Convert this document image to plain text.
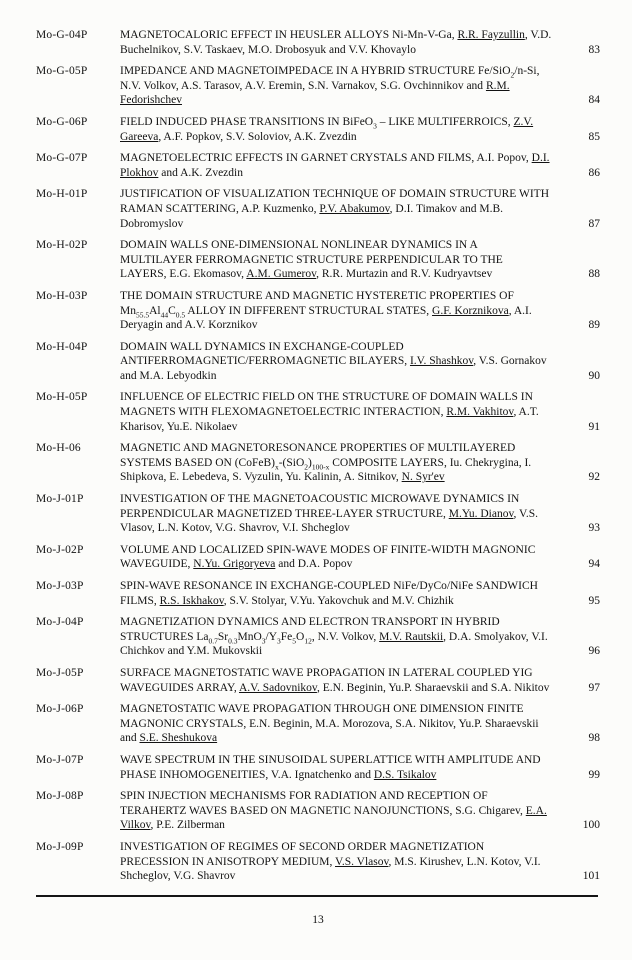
Mo-G-04P	MAGNETOCALORIC EFFECT IN HEUSLER ALLOYS Ni-Mn-V-Ga, R.R. Fayzullin, V.D. Buchelnikov, S.V. Taskaev, M.O. Drobosyuk and V.V. Khovaylo	83
Mo-G-05P	IMPEDANCE AND MAGNETOIMPEDACE IN A HYBRID STRUCTURE Fe/SiO$_2$/n-Si, N.V. Volkov, A.S. Tarasov, A.V. Eremin, S.N. Varnakov, S.G. Ovchinnikov and R.M. Fedorishchev	84
Mo-G-06P	FIELD INDUCED PHASE TRANSITIONS IN BiFeO$_3$ – LIKE MULTIFERROICS, Z.V. Gareeva, A.F. Popkov, S.V. Soloviov, A.K. Zvezdin	85
Mo-G-07P	MAGNETOELECTRIC EFFECTS IN GARNET CRYSTALS AND FILMS, A.I. Popov, D.I. Plokhov and A.K. Zvezdin	86
Mo-H-01P	JUSTIFICATION OF VISUALIZATION TECHNIQUE OF DOMAIN STRUCTURE WITH RAMAN SCATTERING, A.P. Kuzmenko, P.V. Abakumov, D.I. Timakov and M.B. Dobromyslov	87
Mo-H-02P	DOMAIN WALLS ONE-DIMENSIONAL NONLINEAR DYNAMICS IN A MULTILAYER FERROMAGNETIC STRUCTURE PERPENDICULAR TO THE LAYERS, E.G. Ekomasov, A.M. Gumerov, R.R. Murtazin and R.V. Kudryavtsev	88
Mo-H-03P	THE DOMAIN STRUCTURE AND MAGNETIC HYSTERETIC PROPERTIES OF $Mn_{55.5}Al_{44}C_{0.5}$ ALLOY IN DIFFERENT STRUCTURAL STATES, G.F. Korznikova, A.I. Deryagin and A.V. Korznikov	89
Mo-H-04P	DOMAIN WALL DYNAMICS IN EXCHANGE-COUPLED ANTIFERROMAGNETIC/FERROMAGNETIC BILAYERS, I.V. Shashkov, V.S. Gornakov and M.A. Lebyodkin	90
Mo-H-05P	INFLUENCE OF ELECTRIC FIELD ON THE STRUCTURE OF DOMAIN WALLS IN MAGNETS WITH FLEXOMAGNETOELECTRIC INTERACTION, R.M. Vakhitov, A.T. Kharisov, Yu.E. Nikolaev	91
Mo-H-06	MAGNETIC AND MAGNETORESONANCE PROPERTIES OF MULTILAYERED SYSTEMS BASED ON $(CoFeB)_x-(SiO_2)_{100-x}$ COMPOSITE LAYERS, Iu. Chekrygina, I. Shipkova, E. Lebedeva, S. Vyzulin, Yu. Kalinin, A. Sitnikov, N. Syr'ev	92
Mo-J-01P	INVESTIGATION OF THE MAGNETOACOUSTIC MICROWAVE DYNAMICS IN PERPENDICULAR MAGNETIZED THREE-LAYER STRUCTURE, M.Yu. Dianov, V.S. Vlasov, L.N. Kotov, V.G. Shavrov, V.I. Shcheglov	93
Mo-J-02P	VOLUME AND LOCALIZED SPIN-WAVE MODES OF FINITE-WIDTH MAGNONIC WAVEGUIDE, N.Yu. Grigoryeva and D.A. Popov	94
Mo-J-03P	SPIN-WAVE RESONANCE IN EXCHANGE-COUPLED NiFe/DyCo/NiFe SANDWICH FILMS, R.S. Iskhakov, S.V. Stolyar, V.Yu. Yakovchuk and M.V. Chizhik	95
Mo-J-04P	MAGNETIZATION DYNAMICS AND ELECTRON TRANSPORT IN HYBRID STRUCTURES $La_{0.7}Sr_{0.3}MnO_3/Y_3Fe_5O_{12}$, N.V. Volkov, M.V. Rautskii, D.A. Smolyakov, V.I. Chichkov and Y.M. Mukovskii	96
Mo-J-05P	SURFACE MAGNETOSTATIC WAVE PROPAGATION IN LATERAL COUPLED YIG WAVEGUIDES ARRAY, A.V. Sadovnikov, E.N. Beginin, Yu.P. Sharaevskii and S.A. Nikitov	97
Mo-J-06P	MAGNETOSTATIC WAVE PROPAGATION THROUGH ONE DIMENSION FINITE MAGNONIC CRYSTALS, E.N. Beginin, M.A. Morozova, S.A. Nikitov, Yu.P. Sharaevskii and S.E. Sheshukova	98
Mo-J-07P	WAVE SPECTRUM IN THE SINUSOIDAL SUPERLATTICE WITH AMPLITUDE AND PHASE INHOMOGENEITIES, V.A. Ignatchenko and D.S. Tsikalov	99
Mo-J-08P	SPIN INJECTION MECHANISMS FOR RADIATION AND RECEPTION OF TERAHERTZ WAVES BASED ON MAGNETIC NANOJUNCTIONS, S.G. Chigarev, E.A. Vilkov, P.E. Zilberman	100
Mo-J-09P	INVESTIGATION OF REGIMES OF SECOND ORDER MAGNETIZATION PRECESSION IN ANISOTROPY MEDIUM, V.S. Vlasov, M.S. Kirushev, L.N. Kotov, V.I. Shcheglov, V.G. Shavrov	101
13
